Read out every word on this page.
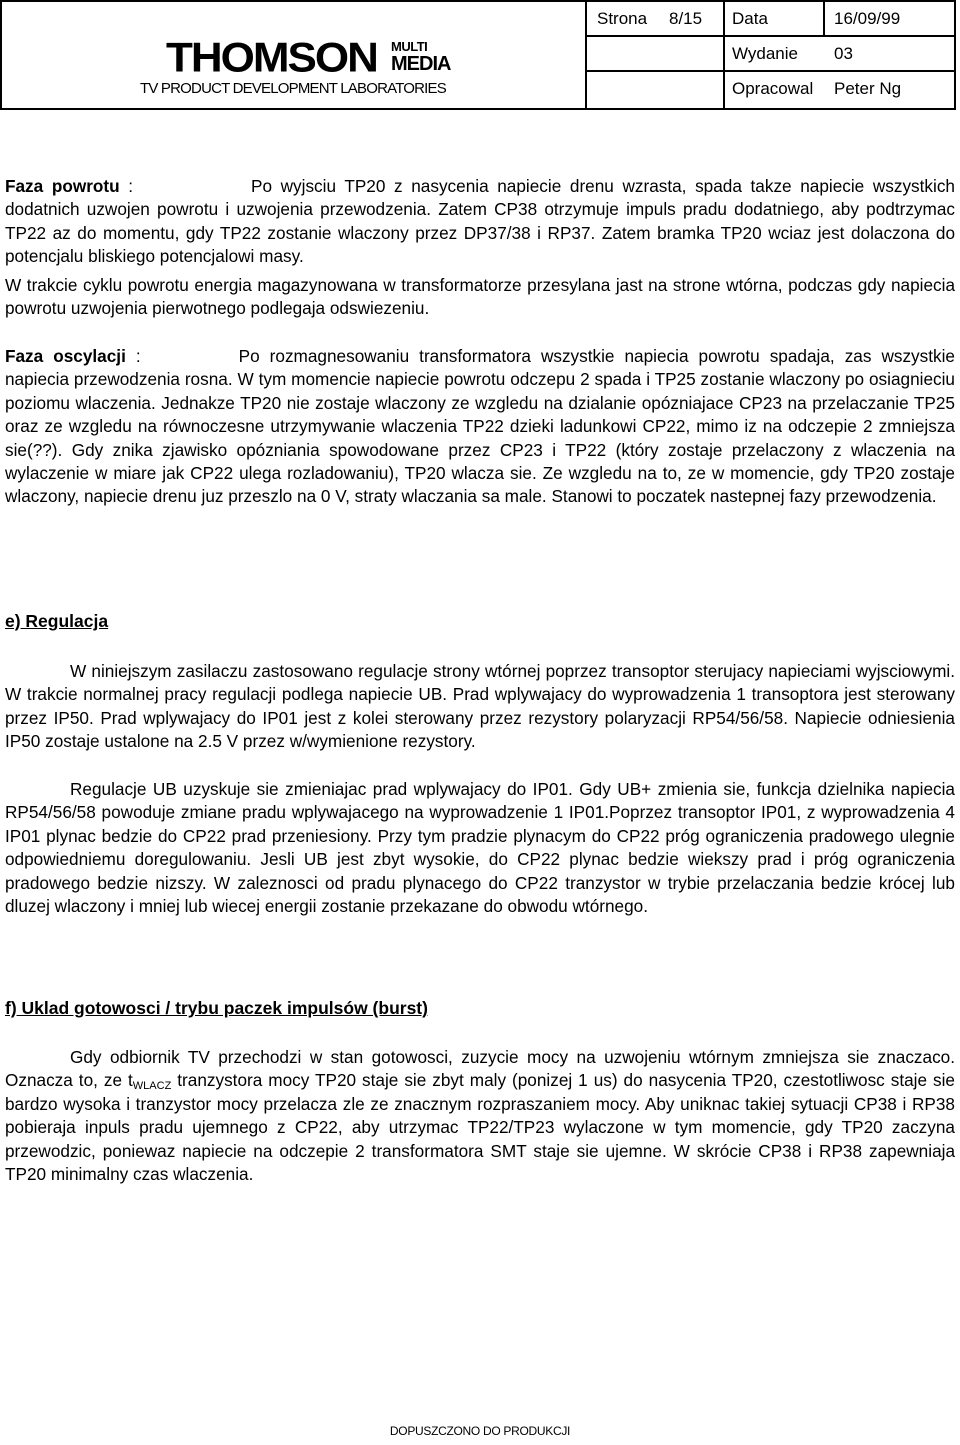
THOMSON MULTI
MEDIA
TV PRODUCT DEVELOPMENT LABORATORIES
Strona 8/15 Data	16/09/99
Wydanie 03
Opracowal Peter Ng

Faza powrotu :	Po wyjsciu TP20 z nasycenia napiecie drenu wzrasta, spada takze napiecie wszystkich dodatnich uzwojen powrotu i uzwojenia przewodzenia. Zatem CP38 otrzymuje impuls pradu dodatniego, aby podtrzymac TP22 az do momentu, gdy TP22 zostanie wlaczony przez DP37/38 i RP37. Zatem bramka TP20 wciaz jest dolaczona do potencjalu bliskiego potencjalowi masy.

W trakcie cyklu powrotu energia magazynowana w transformatorze przesylana jast na strone wtórna, podczas gdy napiecia powrotu uzwojenia pierwotnego podlegaja odswiezeniu.

Faza oscylacji :	Po rozmagnesowaniu transformatora wszystkie napiecia powrotu spadaja, zas wszystkie napiecia przewodzenia rosna. W tym momencie napiecie powrotu odczepu 2 spada i TP25 zostanie wlaczony po osiagnieciu poziomu wlaczenia. Jednakze TP20 nie zostaje wlaczony ze wzgledu na dzialanie opózniajace CP23 na przelaczanie TP25 oraz ze wzgledu na równoczesne utrzymywanie wlaczenia TP22 dzieki ladunkowi CP22, mimo iz na odczepie 2 zmniejsza sie(??). Gdy znika zjawisko opózniania spowodowane przez CP23 i TP22 (który zostaje przelaczony z wlaczenia na wylaczenie w miare jak CP22 ulega rozladowaniu), TP20 wlacza sie. Ze wzgledu na to, ze w momencie, gdy TP20 zostaje wlaczony, napiecie drenu juz przeszlo na 0 V, straty wlaczania sa male. Stanowi to poczatek nastepnej fazy przewodzenia.

e) Regulacja

W niniejszym zasilaczu zastosowano regulacje strony wtórnej poprzez transoptor sterujacy napieciami wyjsciowymi. W trakcie normalnej pracy regulacji podlega napiecie UB. Prad wplywajacy do wyprowadzenia 1 transoptora jest sterowany przez IP50. Prad wplywajacy do IP01 jest z kolei sterowany przez rezystory polaryzacji RP54/56/58. Napiecie odniesienia IP50 zostaje ustalone na 2.5 V przez w/wymienione rezystory.

Regulacje UB uzyskuje sie zmieniajac prad wplywajacy do IP01. Gdy UB+ zmienia sie, funkcja dzielnika napiecia RP54/56/58 powoduje zmiane pradu wplywajacego na wyprowadzenie 1 IP01.Poprzez transoptor IP01, z wyprowadzenia 4 IP01 plynac bedzie do CP22 prad przeniesiony. Przy tym pradzie plynacym do CP22 próg ograniczenia pradowego ulegnie odpowiedniemu doregulowaniu. Jesli UB jest zbyt wysokie, do CP22 plynac bedzie wiekszy prad i próg ograniczenia pradowego bedzie nizszy. W zaleznosci od pradu plynacego do CP22 tranzystor w trybie przelaczania bedzie krócej lub dluzej wlaczony i mniej lub wiecej energii zostanie przekazane do obwodu wtórnego.

f) Uklad gotowosci / trybu paczek impulsów (burst)

Gdy odbiornik TV przechodzi w stan gotowosci, zuzycie mocy na uzwojeniu wtórnym zmniejsza sie znaczaco. Oznacza to, ze $t_{WLACZ}$ tranzystora mocy TP20 staje sie zbyt maly (ponizej 1 us) do nasycenia TP20, czestotliwosc staje sie bardzo wysoka i tranzystor mocy przelacza zle ze znacznym rozpraszaniem mocy. Aby uniknac takiej sytuacji CP38 i RP38 pobieraja inpuls pradu ujemnego z CP22, aby utrzymac TP22/TP23 wylaczone w tym momencie, gdy TP20 zaczyna przewodzic, poniewaz napiecie na odczepie 2 transformatora SMT staje sie ujemne. W skrócie CP38 i RP38 zapewniaja TP20 minimalny czas wlaczenia.

DOPUSZCZONO DO PRODUKCJI
